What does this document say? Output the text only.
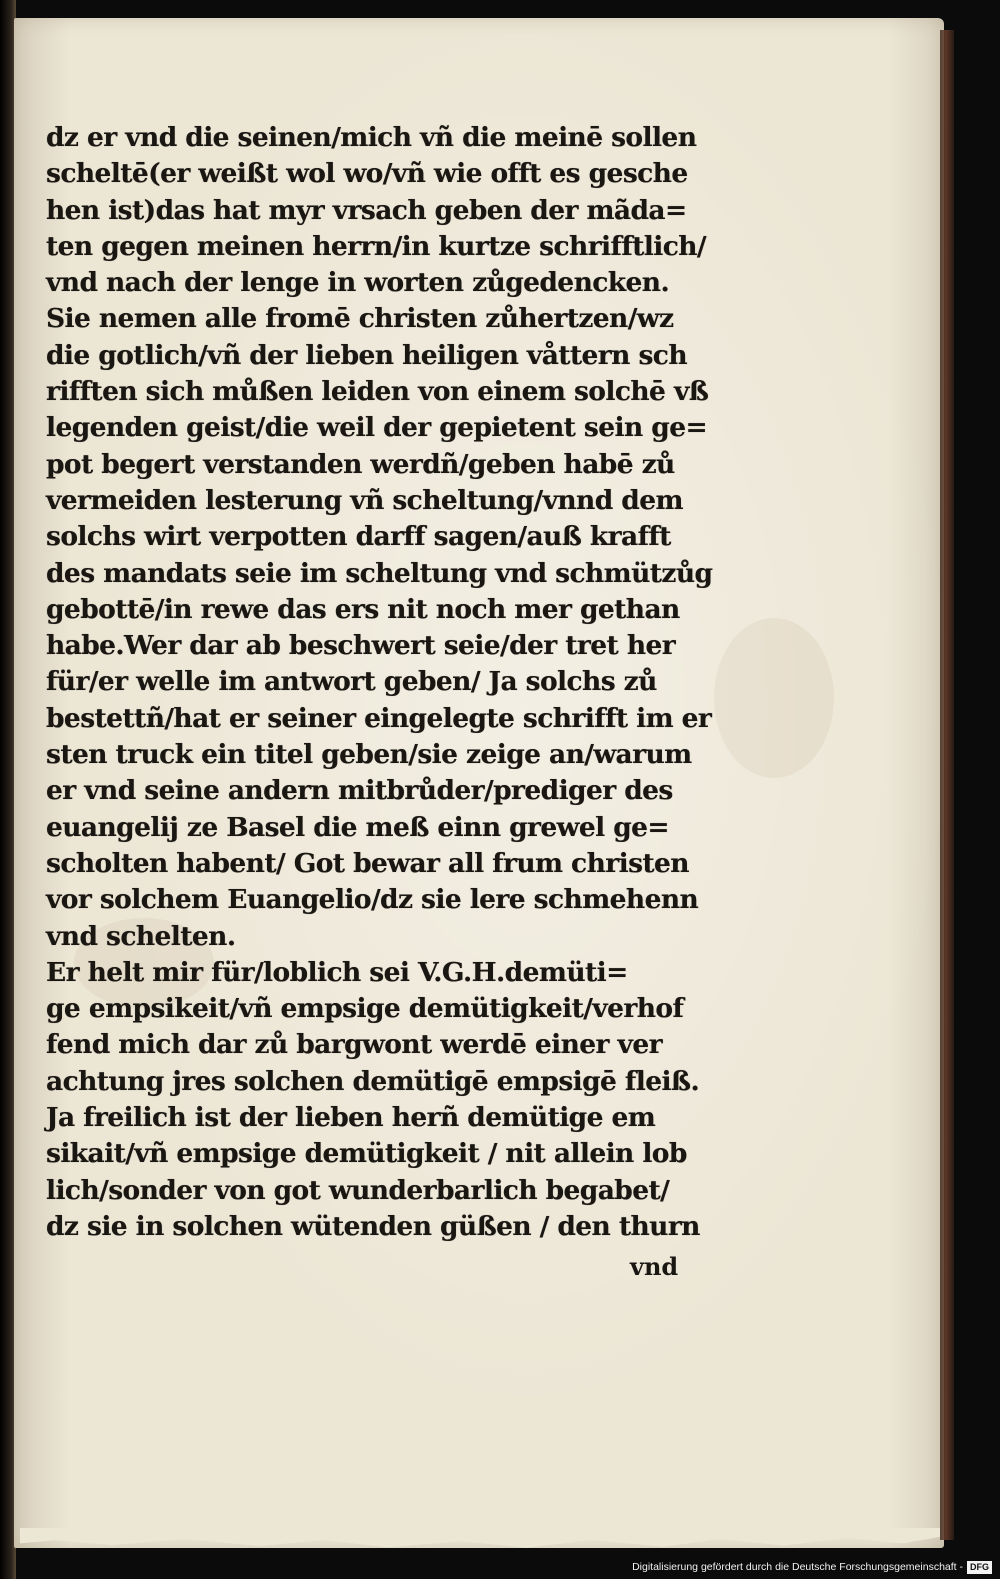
dz er vnd die seinen/mich vñ die meinē sollen
scheltē(er weißt wol wo/vñ wie offt es gesche
hen ist)das hat myr vrsach geben der mãda=
ten gegen meinen herrn/in kurtze schrifftlich/
vnd nach der lenge in worten zůgedencken.
Sie nemen alle fromē christen zůhertzen/wz
die gotlich/vñ der lieben heiligen våttern sch
rifften sich můßen leiden von einem solchē vß
legenden geist/die weil der gepietent sein ge=
pot begert verstanden werdñ/geben habē zů
vermeiden lesterung vñ scheltung/vnnd dem
solchs wirt verpotten darff sagen/auß krafft
des mandats seie im scheltung vnd schmützůg
gebottē/in rewe das ers nit noch mer gethan
habe.Wer dar ab beschwert seie/der tret her
für/er welle im antwort geben/ Ja solchs zů
bestettñ/hat er seiner eingelegte schrifft im er
sten truck ein titel geben/sie zeige an/warum
er vnd seine andern mitbrůder/prediger des
euangelij ze Basel die meß einn grewel ge=
scholten habent/ Got bewar all frum christen
vor solchem Euangelio/dz sie lere schmehenn
vnd schelten.
Er helt mir für/loblich sei V.G.H.demüti=
ge empsikeit/vñ empsige demütigkeit/verhof
fend mich dar zů bargwont werdē einer ver
achtung jres solchen demütigē empsigē fleiß.
Ja freilich ist der lieben herñ demütige em
sikait/vñ empsige demütigkeit / nit allein lob
lich/sonder von got wunderbarlich begabet/
dz sie in solchen wütenden güßen / den thurn
vnd
Digitalisierung gefördert durch die Deutsche Forschungsgemeinschaft - DFG
